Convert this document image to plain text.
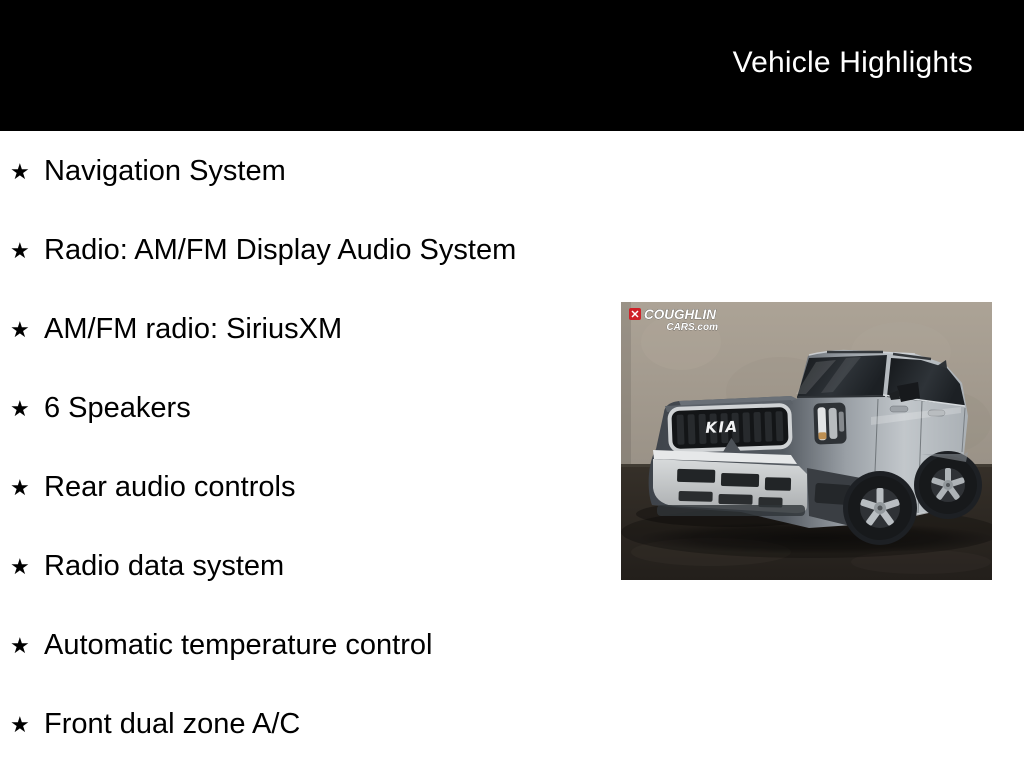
Vehicle Highlights
★ Navigation System
★ Radio: AM/FM Display Audio System
★ AM/FM radio: SiriusXM
★ 6 Speakers
★ Rear audio controls
★ Radio data system
★ Automatic temperature control
★ Front dual zone A/C
KIA
COUGHLIN
CARS.com
